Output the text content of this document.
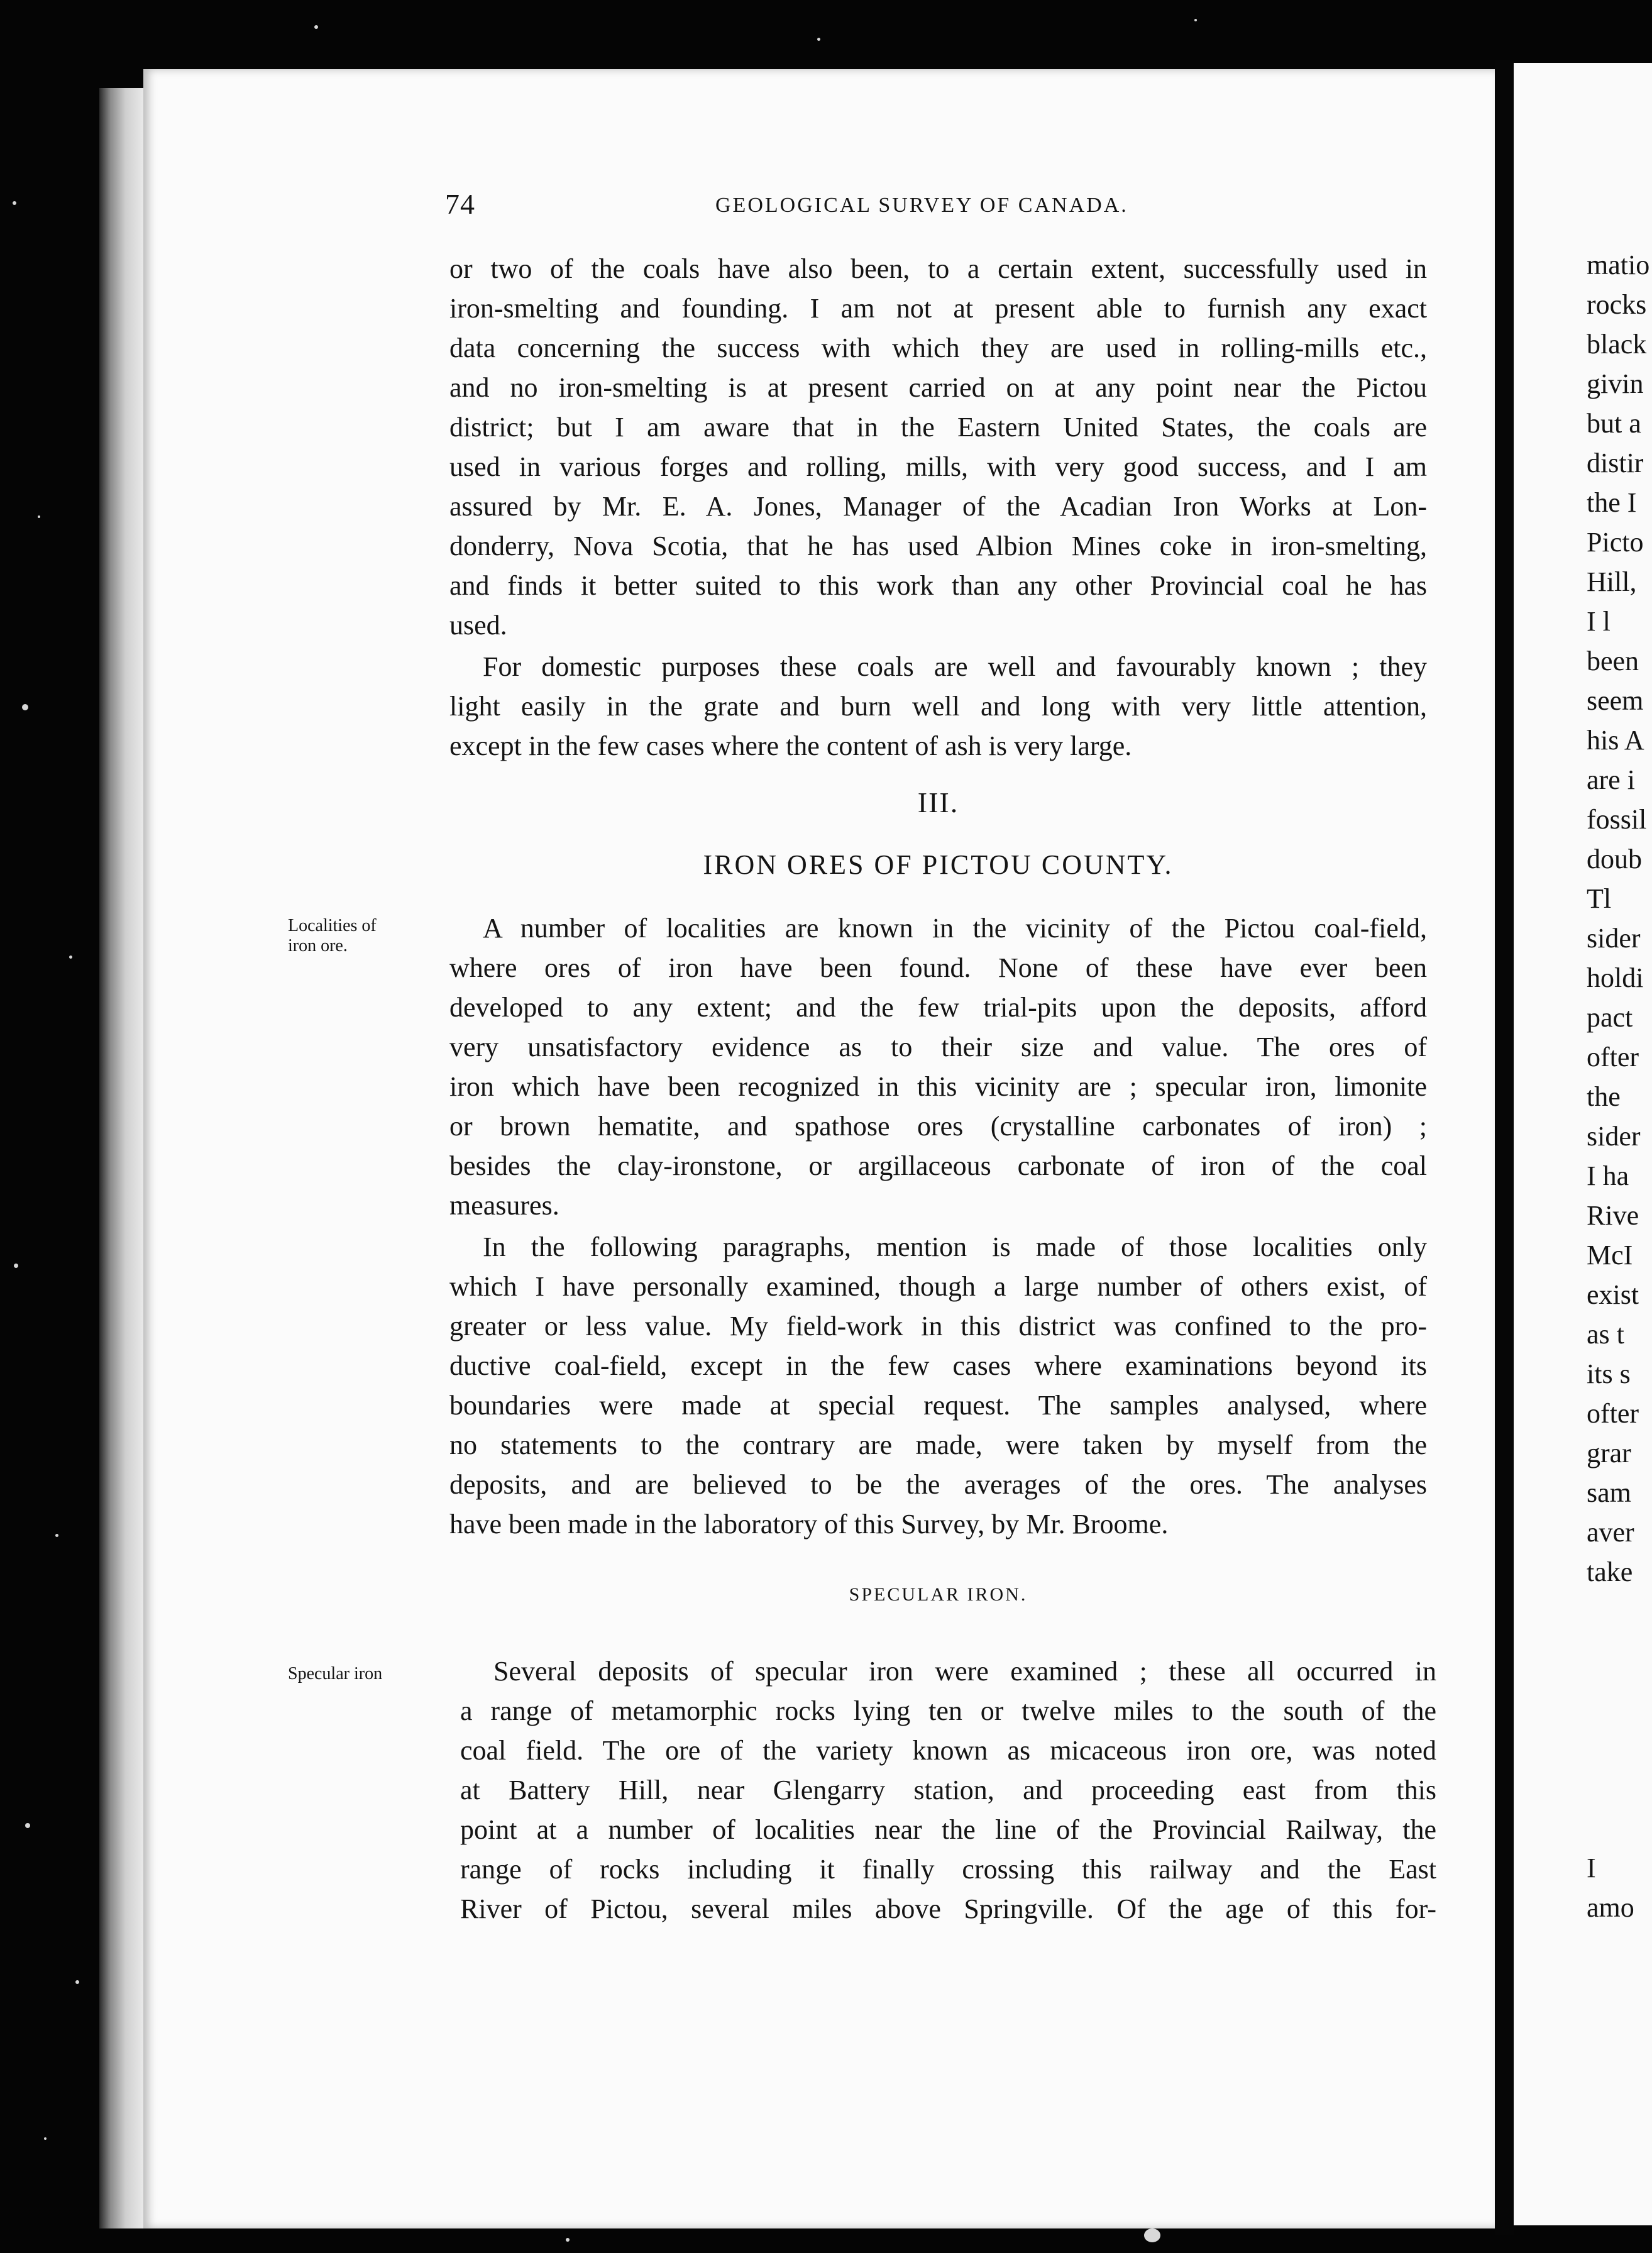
74	GEOLOGICAL SURVEY OF CANADA.
or two of the coals have also been, to a certain extent, successfully used in
iron-smelting and founding. I am not at present able to furnish any exact
data concerning the success with which they are used in rolling-mills etc.,
and no iron-smelting is at present carried on at any point near the Pictou
district; but I am aware that in the Eastern United States, the coals are
used in various forges and rolling, mills, with very good success, and I am
assured by Mr. E. A. Jones, Manager of the Acadian Iron Works at Lon-
donderry, Nova Scotia, that he has used Albion Mines coke in iron-smelting,
and finds it better suited to this work than any other Provincial coal he has
used.
For domestic purposes these coals are well and favourably known ; they
light easily in the grate and burn well and long with very little attention,
except in the few cases where the content of ash is very large.
III.
IRON ORES OF PICTOU COUNTY.
Localities of
iron ore.
A number of localities are known in the vicinity of the Pictou coal-field,
where ores of iron have been found. None of these have ever been
developed to any extent; and the few trial-pits upon the deposits, afford
very unsatisfactory evidence as to their size and value. The ores of
iron which have been recognized in this vicinity are ; specular iron, limonite
or brown hematite, and spathose ores (crystalline carbonates of iron) ;
besides the clay-ironstone, or argillaceous carbonate of iron of the coal
measures.
In the following paragraphs, mention is made of those localities only
which I have personally examined, though a large number of others exist, of
greater or less value. My field-work in this district was confined to the pro-
ductive coal-field, except in the few cases where examinations beyond its
boundaries were made at special request. The samples analysed, where
no statements to the contrary are made, were taken by myself from the
deposits, and are believed to be the averages of the ores. The analyses
have been made in the laboratory of this Survey, by Mr. Broome.
SPECULAR IRON.
Specular iron	Several deposits of specular iron were examined ; these all occurred in
a range of metamorphic rocks lying ten or twelve miles to the south of the
coal field. The ore of the variety known as micaceous iron ore, was noted
at Battery Hill, near Glengarry station, and proceeding east from this
point at a number of localities near the line of the Provincial Railway, the
range of rocks including it finally crossing this railway and the East
River of Pictou, several miles above Springville. Of the age of this for-
matio
rocks
black
givin
but a
distir
the I
Picto
Hill,
I l
been
seem
his A
are i
fossil
doub
Tl
sider
holdi
pact
ofter
the
sider
I ha
Rive
McI
exist
as t
its s
ofter
grar
sam
aver
take
I
amo
